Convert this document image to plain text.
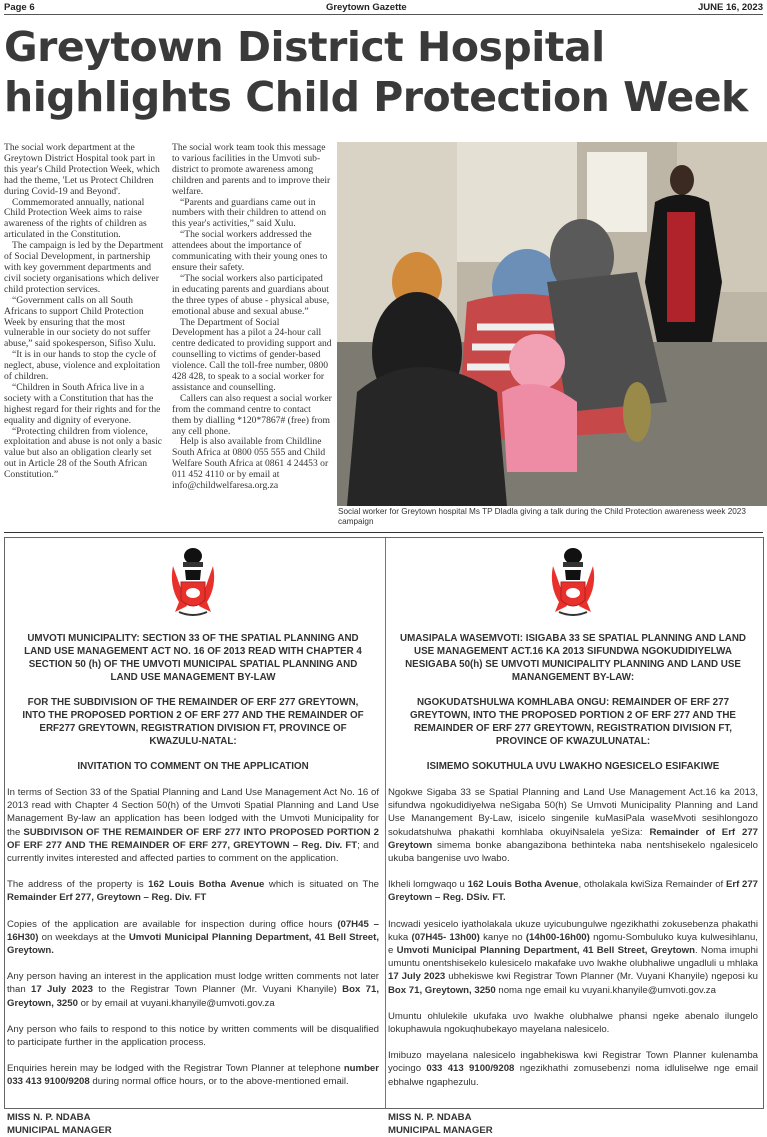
Page 6	Greytown Gazette	JUNE 16, 2023
Greytown District Hospital highlights Child Protection Week

The social work department at the Greytown District Hospital took part in this year's Child Protection Week, which had the theme, 'Let us Protect Children during Covid-19 and Beyond'.

Commemorated annually, national Child Protection Week aims to raise awareness of the rights of children as articulated in the Constitution.

The campaign is led by the Department of Social Development, in partnership with key government departments and civil society organisations which deliver child protection services.

“Government calls on all South Africans to support Child Protection Week by ensuring that the most vulnerable in our society do not suffer abuse,” said spokesperson, Sifiso Xulu.

“It is in our hands to stop the cycle of neglect, abuse, violence and exploitation of children.

“Children in South Africa live in a society with a Constitution that has the highest regard for their rights and for the equality and dignity of everyone.

“Protecting children from violence, exploitation and abuse is not only a basic value but also an obligation clearly set out in Article 28 of the South African Constitution.”

The social work team took this message to various facilities in the Umvoti sub-district to promote awareness among children and parents and to improve their welfare.

“Parents and guardians came out in numbers with their children to attend on this year's activities,” said Xulu.

“The social workers addressed the attendees about the importance of communicating with their young ones to ensure their safety.

“The social workers also participated in educating parents and guardians about the three types of abuse - physical abuse, emotional abuse and sexual abuse.”

The Department of Social Development has a pilot a 24-hour call centre dedicated to providing support and counselling to victims of gender-based violence. Call the toll-free number, 0800 428 428, to speak to a social worker for assistance and counselling.

Callers can also request a social worker from the command centre to contact them by dialling *120*7867# (free) from any cell phone.

Help is also available from Childline South Africa at 0800 055 555 and Child Welfare South Africa at 0861 4 24453 or 011 452 4110 or by email at info@childwelfaresa.org.za

Social worker for Greytown hospital Ms TP Dladla giving a talk during the Child Protection awareness week 2023 campaign
UMVOTI MUNICIPALITY: SECTION 33 OF THE SPATIAL PLANNING AND LAND USE MANAGEMENT ACT NO. 16 OF 2013 READ WITH CHAPTER 4 SECTION 50 (h) OF THE UMVOTI MUNICIPAL SPATIAL PLANNING AND LAND USE MANAGEMENT BY-LAW
FOR THE SUBDIVISION OF THE REMAINDER OF ERF 277 GREYTOWN, INTO THE PROPOSED PORTION 2 OF ERF 277 AND THE REMAINDER OF ERF277 GREYTOWN, REGISTRATION DIVISION FT, PROVINCE OF KWAZULU-NATAL:
INVITATION TO COMMENT ON THE APPLICATION
In terms of Section 33 of the Spatial Planning and Land Use Management Act No. 16 of 2013 read with Chapter 4 Section 50(h) of the Umvoti Spatial Planning and Land Use Management By-law an application has been lodged with the Umvoti Municipality for the SUBDIVISON OF THE REMAINDER OF ERF 277 INTO PROPOSED PORTION 2 OF ERF 277 AND THE REMAINDER OF ERF 277, GREYTOWN – Reg. Div. FT; and currently invites interested and affected parties to comment on the application.
The address of the property is 162 Louis Botha Avenue which is situated on The Remainder Erf 277, Greytown – Reg. Div. FT
Copies of the application are available for inspection during office hours (07H45 – 16H30) on weekdays at the Umvoti Municipal Planning Department, 41 Bell Street, Greytown.
Any person having an interest in the application must lodge written comments not later than 17 July 2023 to the Registrar Town Planner (Mr. Vuyani Khanyile) Box 71, Greytown, 3250 or by email at vuyani.khanyile@umvoti.gov.za
Any person who fails to respond to this notice by written comments will be disqualified to participate further in the application process.
Enquiries herein may be lodged with the Registrar Town Planner at telephone number 033 413 9100/9208 during normal office hours, or to the above-mentioned email.
MISS N. P. NDABA
MUNICIPAL MANAGER
UMASIPALA WASEMVOTI: ISIGABA 33 SE SPATIAL PLANNING AND LAND USE MANAGEMENT ACT.16 KA 2013 SIFUNDWA NGOKUDIDIYELWA NESIGABA 50(h) SE UMVOTI MUNICIPALITY PLANNING AND LAND USE MANANGEMENT BY-LAW:
NGOKUDATSHULWA KOMHLABA ONGU: REMAINDER OF ERF 277 GREYTOWN, INTO THE PROPOSED PORTION 2 OF ERF 277 AND THE REMAINDER OF ERF 277 GREYTOWN, REGISTRATION DIVISION FT, PROVINCE OF KWAZULUNATAL:
ISIMEMO SOKUTHULA UVU LWAKHO NGESICELO ESIFAKIWE
Ngokwe Sigaba 33 se Spatial Planning and Land Use Management Act.16 ka 2013, sifundwa ngokudidiyelwa neSigaba 50(h) Se Umvoti Municipality Planning and Land Use Manangement By-Law, isicelo singenile kuMasiPala waseMvoti sesihlongozo sokudatshulwa phakathi komhlaba okuyiNsalela yeSiza: Remainder of Erf 277 Greytown simema bonke abangazibona bethinteka naba nentshisekelo ngalesicelo ukuba bangenise uvo lwabo.
Ikheli lomgwaqo u 162 Louis Botha Avenue, otholakala kwiSiza Remainder of Erf 277 Greytown – Reg. DSiv. FT.
Incwadi yesicelo iyatholakala ukuze uyicubungulwe ngezikhathi zokusebenza phakathi kuka (07H45- 13h00) kanye no (14h00-16h00) ngomu-Sombuluko kuya kulwesihlanu, e Umvoti Municipal Planning Department, 41 Bell Street, Greytown. Noma imuphi umuntu onentshisekelo kulesicelo makafake uvo lwakhe olubhaliwe ungadluli u mhlaka 17 July 2023 ubhekiswe kwi Registrar Town Planner (Mr. Vuyani Khanyile) ngeposi ku Box 71, Greytown, 3250 noma nge email ku vuyani.khanyile@umvoti.gov.za
Umuntu ohlulekile ukufaka uvo lwakhe olubhalwe phansi ngeke abenalo ilungelo lokuphawula ngokuqhubekayo mayelana nalesicelo.
Imibuzo mayelana nalesicelo ingabhekiswa kwi Registrar Town Planner kulenamba yocingo 033 413 9100/9208 ngezikhathi zomusebenzi noma idluliselwe nge email ebhalwe ngaphezulu.
MISS N. P. NDABA
MUNICIPAL MANAGER
